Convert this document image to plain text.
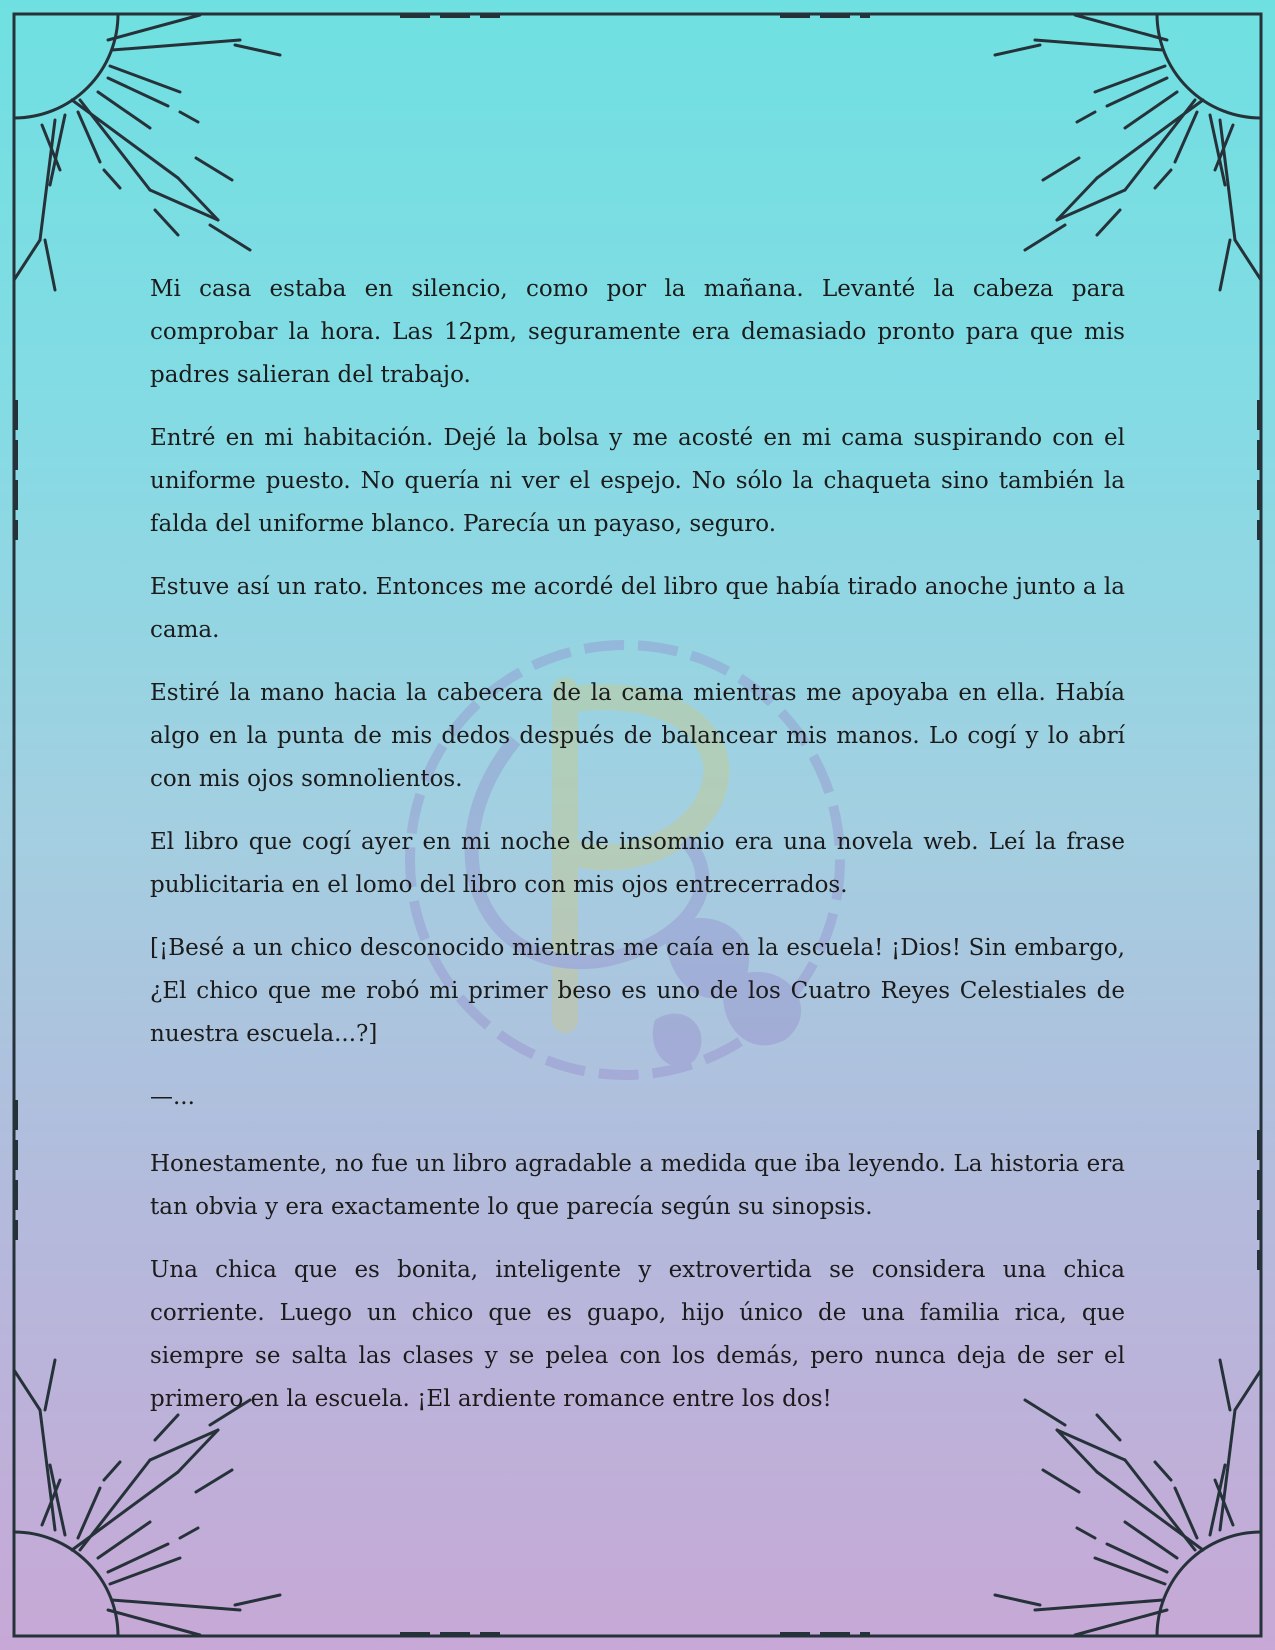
Mi casa estaba en silencio, como por la mañana. Levanté la cabeza para comprobar la hora. Las 12pm, seguramente era demasiado pronto para que mis padres salieran del trabajo.

Entré en mi habitación. Dejé la bolsa y me acosté en mi cama suspirando con el uniforme puesto. No quería ni ver el espejo. No sólo la chaqueta sino también la falda del uniforme blanco. Parecía un payaso, seguro.

Estuve así un rato. Entonces me acordé del libro que había tirado anoche junto a la cama.

Estiré la mano hacia la cabecera de la cama mientras me apoyaba en ella. Había algo en la punta de mis dedos después de balancear mis manos. Lo cogí y lo abrí con mis ojos somnolientos.

El libro que cogí ayer en mi noche de insomnio era una novela web. Leí la frase publicitaria en el lomo del libro con mis ojos entrecerrados.

[¡Besé a un chico desconocido mientras me caía en la escuela! ¡Dios! Sin embargo, ¿El chico que me robó mi primer beso es uno de los Cuatro Reyes Celestiales de nuestra escuela...?]

—...

Honestamente, no fue un libro agradable a medida que iba leyendo. La historia era tan obvia y era exactamente lo que parecía según su sinopsis.

Una chica que es bonita, inteligente y extrovertida se considera una chica corriente. Luego un chico que es guapo, hijo único de una familia rica, que siempre se salta las clases y se pelea con los demás, pero nunca deja de ser el primero en la escuela. ¡El ardiente romance entre los dos!
